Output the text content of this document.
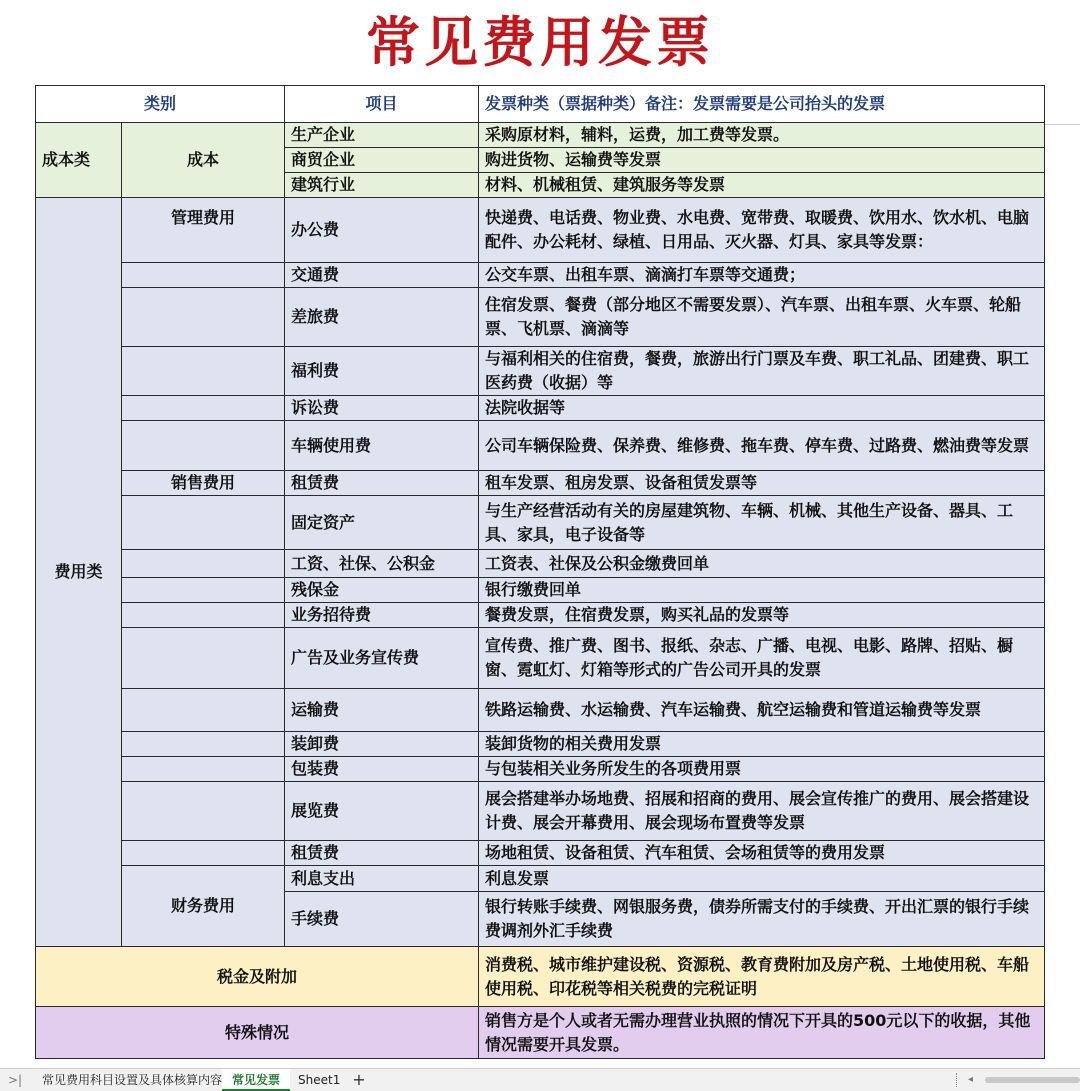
常见费用发票
类别		项目	发票种类（票据种类）备注：发票需要是公司抬头的发票
成本类	成本	生产企业	采购原材料，辅料，运费，加工费等发票。
		商贸企业	购进货物、运输费等发票
		建筑行业	材料、机械租赁、建筑服务等发票
费用类	管理费用	办公费	快递费、电话费、物业费、水电费、宽带费、取暖费、饮用水、饮水机、电脑配件、办公耗材、绿植、日用品、灭火器、灯具、家具等发票：
		交通费	公交车票、出租车票、滴滴打车票等交通费；
		差旅费	住宿发票、餐费（部分地区不需要发票）、汽车票、出租车票、火车票、轮船票、飞机票、滴滴等
		福利费	与福利相关的住宿费，餐费，旅游出行门票及车费、职工礼品、团建费、职工医药费（收据）等
		诉讼费	法院收据等
		车辆使用费	公司车辆保险费、保养费、维修费、拖车费、停车费、过路费、燃油费等发票
	销售费用	租赁费	租车发票、租房发票、设备租赁发票等
		固定资产	与生产经营活动有关的房屋建筑物、车辆、机械、其他生产设备、器具、工具、家具，电子设备等
		工资、社保、公积金	工资表、社保及公积金缴费回单
		残保金	银行缴费回单
		业务招待费	餐费发票，住宿费发票，购买礼品的发票等
		广告及业务宣传费	宣传费、推广费、图书、报纸、杂志、广播、电视、电影、路牌、招贴、橱窗、霓虹灯、灯箱等形式的广告公司开具的发票
		运输费	铁路运输费、水运输费、汽车运输费、航空运输费和管道运输费等发票
		装卸费	装卸货物的相关费用发票
		包装费	与包装相关业务所发生的各项费用票
		展览费	展会搭建举办场地费、招展和招商的费用、展会宣传推广的费用、展会搭建设计费、展会开幕费用、展会现场布置费等发票
		租赁费	场地租赁、设备租赁、汽车租赁、会场租赁等的费用发票
	财务费用	利息支出	利息发票
		手续费	银行转账手续费、网银服务费，债券所需支付的手续费、开出汇票的银行手续费调剂外汇手续费
税金及附加			消费税、城市维护建设税、资源税、教育费附加及房产税、土地使用税、车船使用税、印花税等相关税费的完税证明
特殊情况			销售方是个人或者无需办理营业执照的情况下开具的500元以下的收据，其他情况需要开具发票。
>|	常见费用科目设置及具体核算内容 常见发票	Sheet1 +	◂
